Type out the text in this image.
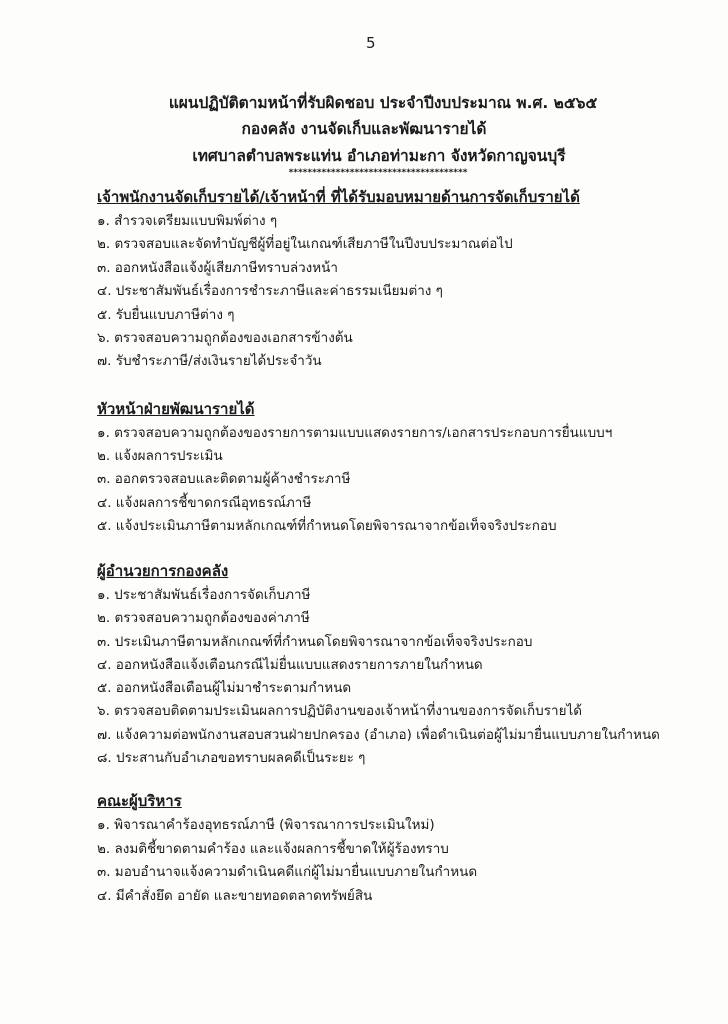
5
แผนปฏิบัติตามหน้าที่รับผิดชอบ ประจำปีงบประมาณ พ.ศ. ๒๕๖๕
กองคลัง งานจัดเก็บและพัฒนารายได้
เทศบาลตำบลพระแท่น อำเภอท่ามะกา จังหวัดกาญจนบุรี
**************************************
เจ้าพนักงานจัดเก็บรายได้/เจ้าหน้าที่ ที่ได้รับมอบหมายด้านการจัดเก็บรายได้
๑. สำรวจเตรียมแบบพิมพ์ต่าง ๆ
๒. ตรวจสอบและจัดทำบัญชีผู้ที่อยู่ในเกณฑ์เสียภาษีในปีงบประมาณต่อไป
๓. ออกหนังสือแจ้งผู้เสียภาษีทราบล่วงหน้า
๔. ประชาสัมพันธ์เรื่องการชำระภาษีและค่าธรรมเนียมต่าง ๆ
๕. รับยื่นแบบภาษีต่าง ๆ
๖. ตรวจสอบความถูกต้องของเอกสารข้างต้น
๗. รับชำระภาษี/ส่งเงินรายได้ประจำวัน
หัวหน้าฝ่ายพัฒนารายได้
๑. ตรวจสอบความถูกต้องของรายการตามแบบแสดงรายการ/เอกสารประกอบการยื่นแบบฯ
๒. แจ้งผลการประเมิน
๓. ออกตรวจสอบและติดตามผู้ค้างชำระภาษี
๔. แจ้งผลการชี้ขาดกรณีอุทธรณ์ภาษี
๕. แจ้งประเมินภาษีตามหลักเกณฑ์ที่กำหนดโดยพิจารณาจากข้อเท็จจริงประกอบ
ผู้อำนวยการกองคลัง
๑. ประชาสัมพันธ์เรื่องการจัดเก็บภาษี
๒. ตรวจสอบความถูกต้องของค่าภาษี
๓. ประเมินภาษีตามหลักเกณฑ์ที่กำหนดโดยพิจารณาจากข้อเท็จจริงประกอบ
๔. ออกหนังสือแจ้งเตือนกรณีไม่ยื่นแบบแสดงรายการภายในกำหนด
๕. ออกหนังสือเตือนผู้ไม่มาชำระตามกำหนด
๖. ตรวจสอบติดตามประเมินผลการปฏิบัติงานของเจ้าหน้าที่งานของการจัดเก็บรายได้
๗. แจ้งความต่อพนักงานสอบสวนฝ่ายปกครอง (อำเภอ) เพื่อดำเนินต่อผู้ไม่มายื่นแบบภายในกำหนด
๘. ประสานกับอำเภอขอทราบผลคดีเป็นระยะ ๆ
คณะผู้บริหาร
๑. พิจารณาคำร้องอุทธรณ์ภาษี (พิจารณาการประเมินใหม่)
๒. ลงมติชี้ขาดตามคำร้อง และแจ้งผลการชี้ขาดให้ผู้ร้องทราบ
๓. มอบอำนาจแจ้งความดำเนินคดีแก่ผู้ไม่มายื่นแบบภายในกำหนด
๔. มีคำสั่งยึด อายัด และขายทอดตลาดทรัพย์สิน
